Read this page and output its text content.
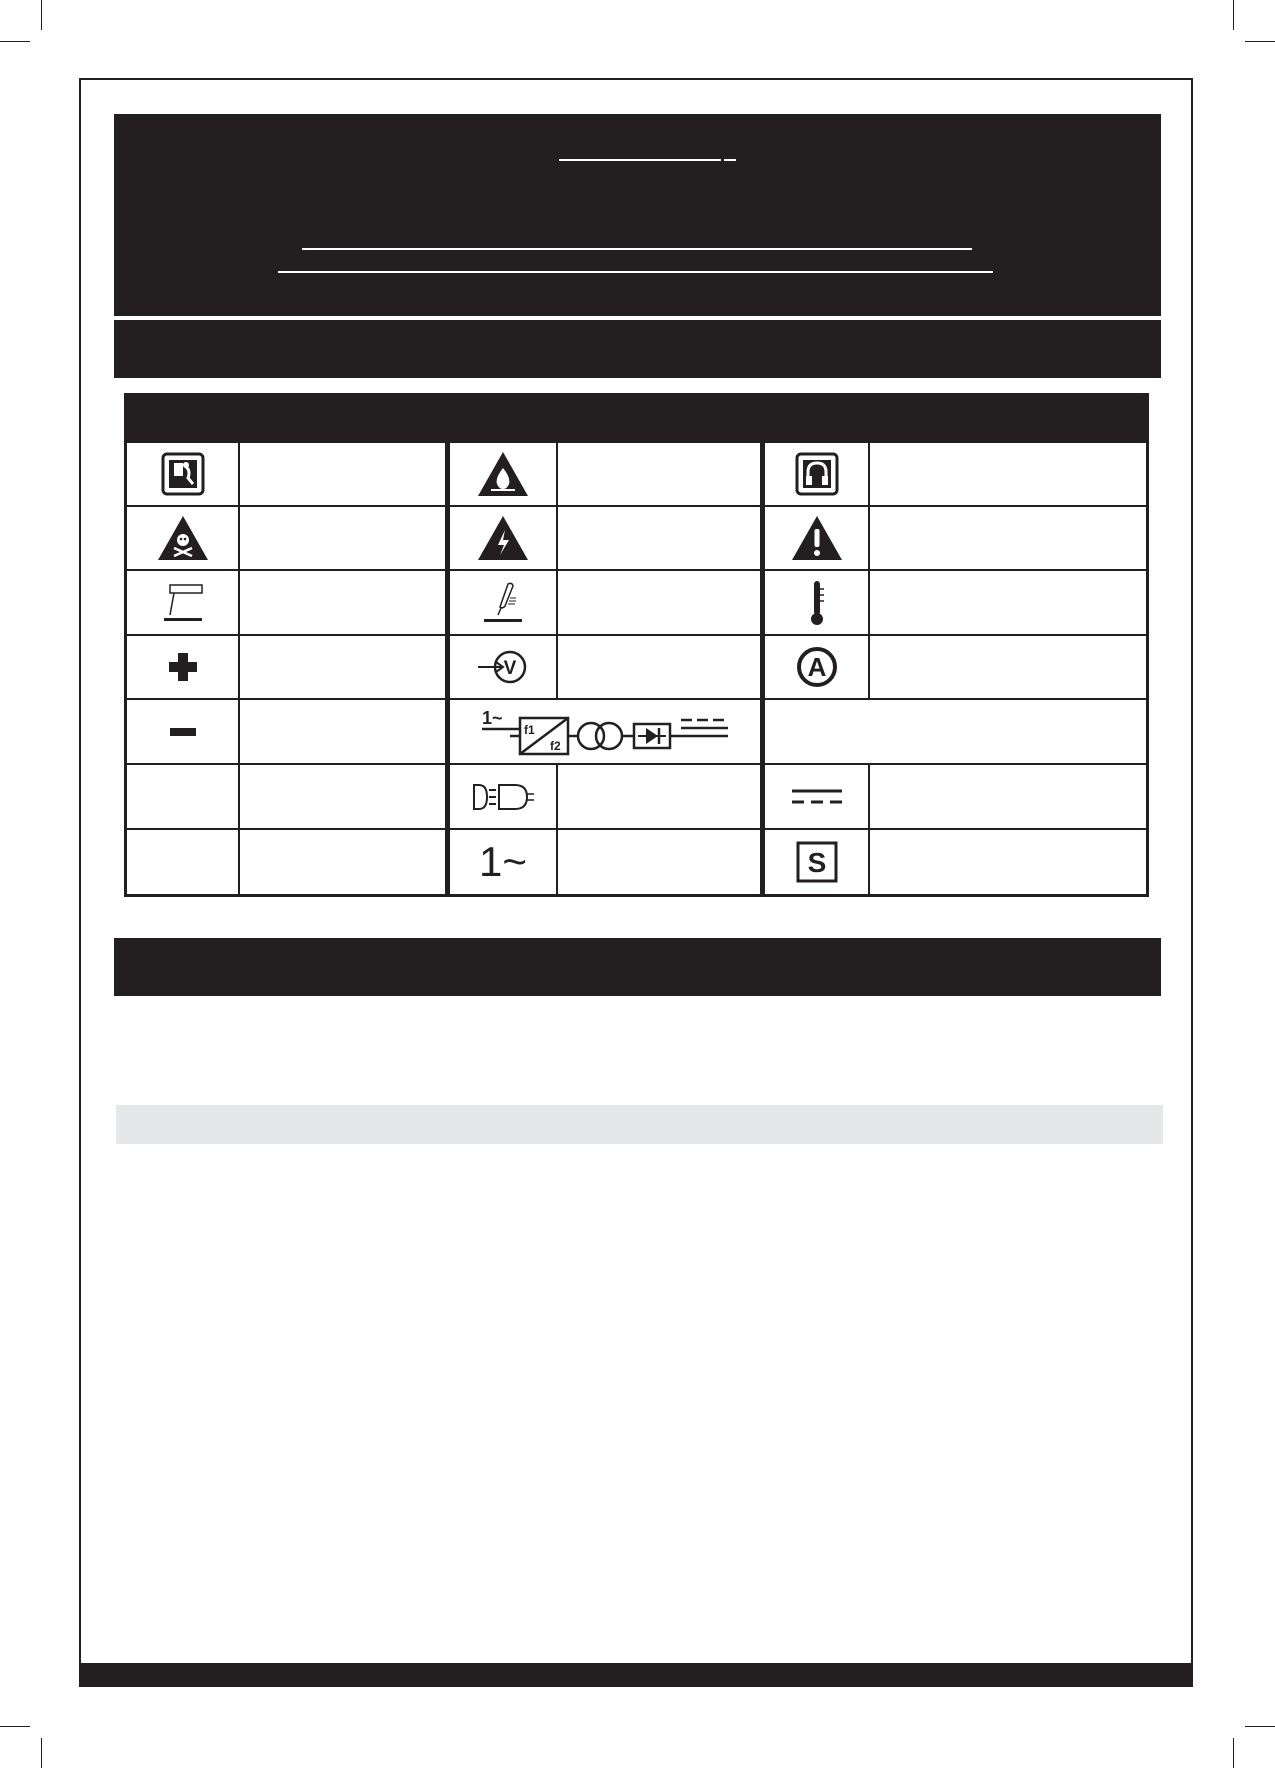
V	A
1~
f1
f2
1~	S
